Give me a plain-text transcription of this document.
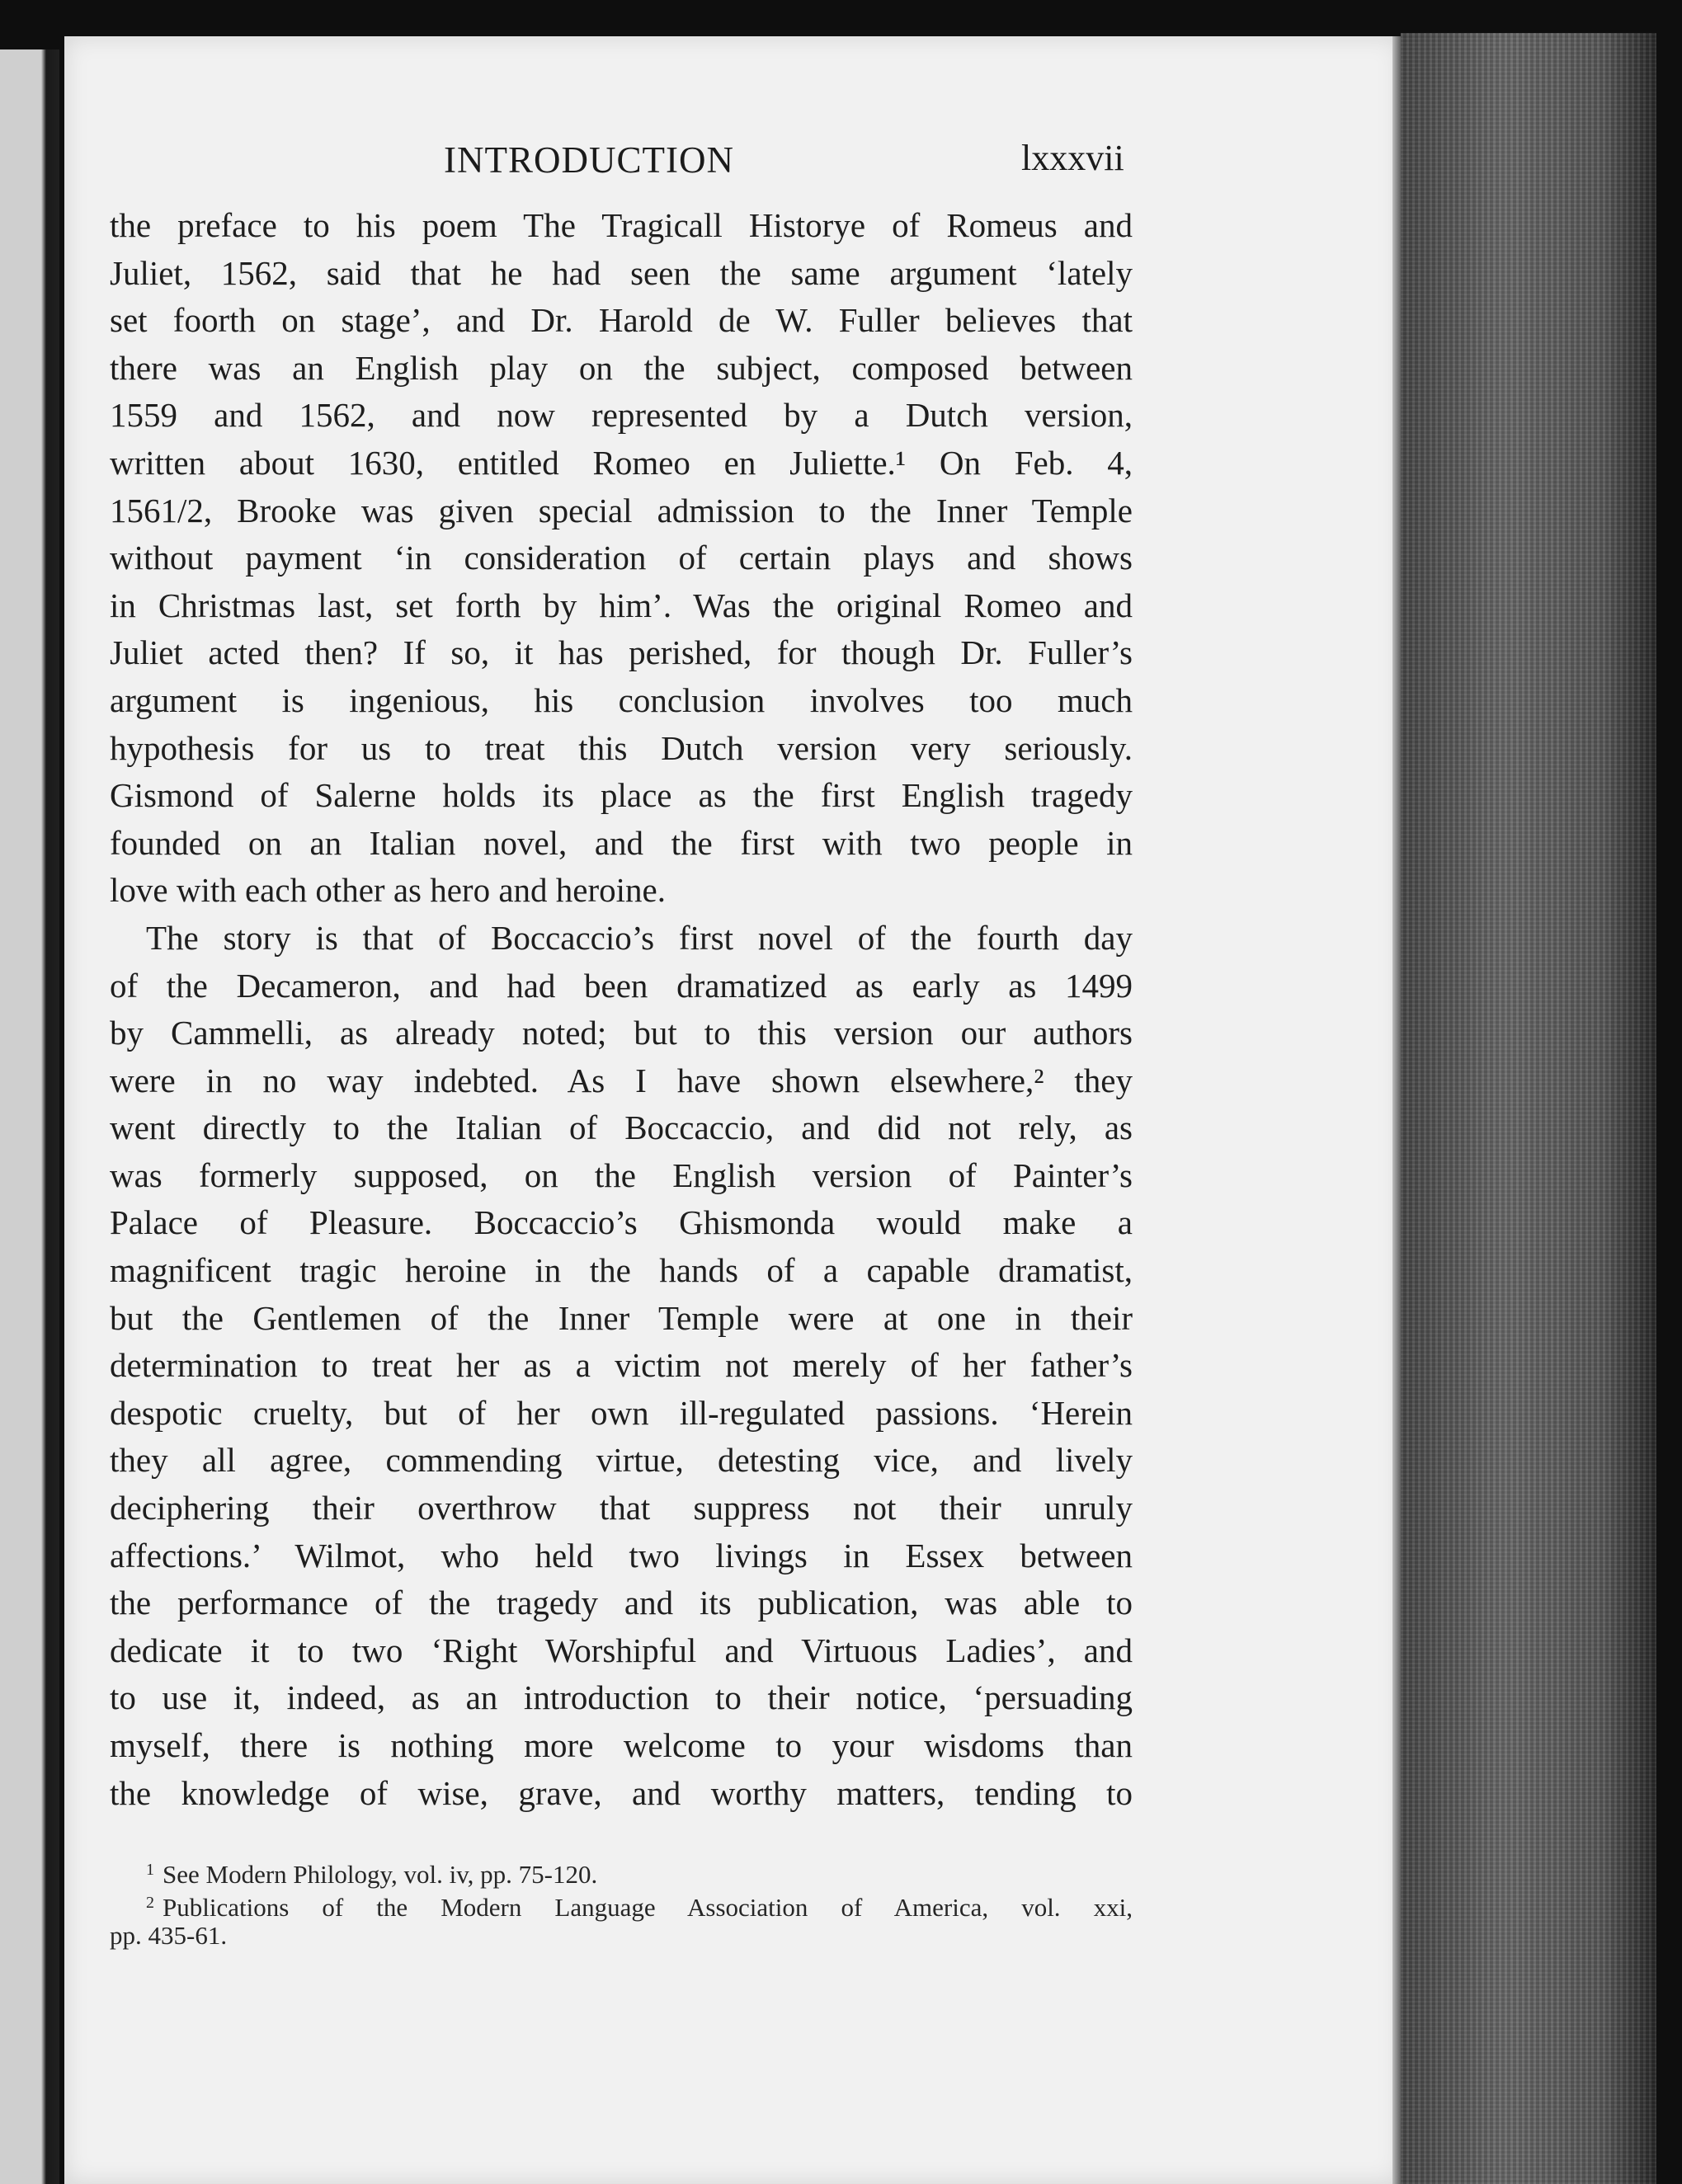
INTRODUCTION	lxxxvii
the preface to his poem The Tragicall Historye of Romeus and
Juliet, 1562, said that he had seen the same argument ‘lately
set foorth on stage’, and Dr. Harold de W. Fuller believes that
there was an English play on the subject, composed between
1559 and 1562, and now represented by a Dutch version,
written about 1630, entitled Romeo en Juliette.¹ On Feb. 4,
1561/2, Brooke was given special admission to the Inner Temple
without payment ‘in consideration of certain plays and shows
in Christmas last, set forth by him’. Was the original Romeo and
Juliet acted then? If so, it has perished, for though Dr. Fuller’s
argument is ingenious, his conclusion involves too much
hypothesis for us to treat this Dutch version very seriously.
Gismond of Salerne holds its place as the first English tragedy
founded on an Italian novel, and the first with two people in
love with each other as hero and heroine.
The story is that of Boccaccio’s first novel of the fourth day
of the Decameron, and had been dramatized as early as 1499
by Cammelli, as already noted; but to this version our authors
were in no way indebted. As I have shown elsewhere,² they
went directly to the Italian of Boccaccio, and did not rely, as
was formerly supposed, on the English version of Painter’s
Palace of Pleasure. Boccaccio’s Ghismonda would make a
magnificent tragic heroine in the hands of a capable dramatist,
but the Gentlemen of the Inner Temple were at one in their
determination to treat her as a victim not merely of her father’s
despotic cruelty, but of her own ill-regulated passions. ‘Herein
they all agree, commending virtue, detesting vice, and lively
deciphering their overthrow that suppress not their unruly
affections.’ Wilmot, who held two livings in Essex between
the performance of the tragedy and its publication, was able to
dedicate it to two ‘Right Worshipful and Virtuous Ladies’, and
to use it, indeed, as an introduction to their notice, ‘persuading
myself, there is nothing more welcome to your wisdoms than
the knowledge of wise, grave, and worthy matters, tending to
$^1$ See Modern Philology, vol. iv, pp. 75-120.
$^2$ Publications of the Modern Language Association of America, vol. xxi,
pp. 435-61.
